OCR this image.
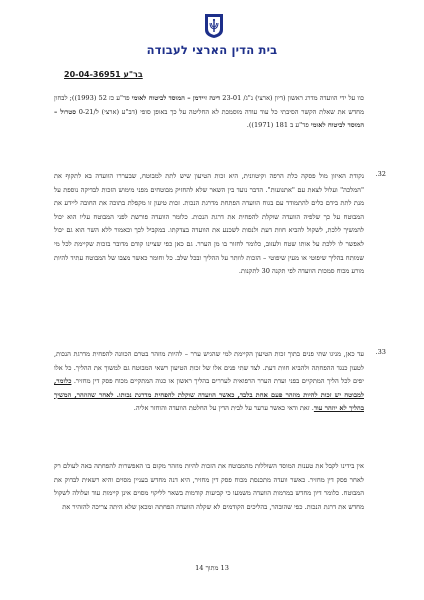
בית הדין הארצי לעבודה
בר"ע 20-04-36951
כוו על ידי הוועדה מדרג ראשון (דיון (ארצי) נ"ג/ 23-01 דינה זיידמן – המוסד לביטוח לאומי פד"ע כז 52 (1993)); לבחון מחדש את שאלת הקשר הסיבתי כל עוד עודה מוסמכת לא החליטה על כך באופן סופי (דב"ע (ארצי) ל/0-21 סטרול – המוסד לביטוח לאומי פד"ע ב 181 (1971)).
.32
נקודת האיזון מול פסקה כלת הרפה וקיטוונית, היא זכות הטיעון שיש לתת למבוטח, שבעררו הוועדה בא לתקוף את "המלכה" ועלול לצאת עם "אתנועות". הדבר נועד בין השאר שלא להחזיק מבוטחים מפני מימוש הזכות לבדיקה נוספת על מנת לתת בידם כלים להתמודד עם בגוח הוועדה הפתחת מדרגת הנכות. זכות טיעון זו מקפלת בתוכה את החובה ליידע את המבוטח על כך שלפיה הוועדה שוקלת להפחית את דרגת הנכות. כלומר הוועדה פורשת לפני המבוטח עליו הוא יכול להמשיך ללכת, לשקול להביא חוות דעת ולנסות לשכנע את הוועדה בצדקתו. במקביל לכך וכאמור ללא השר הוא גם יכול לאפשר לו ללכת על אותו שטח ולעזוב, כלומר לחזור בו מן הערר. גם כאן כפי שציינו קודם מדובר בזכות שקיימת לכל מי שמותח בהליך שיפוטי או מעין שיפוטי – הזכות לוותר על ההליך ובכל שלב. כל וחומר כאשר מצבו של המבוטח עתיד להיות מורע מכוח סמכות הוועדה לפי תקנה 30 לתקנות.
.33
עד כאן, מניגו שתי פנים בתוך זכות הטיעון הקיימת למי שהגיש ערר – להיות מוזהר בטרם הכוונה להפחית מדרגת הנכות, לטעון כנגד ההפחתה ולהביא חוות דעת. לצד שתי פנים אלו של זכות הטיעון רשאי המבוטח גם למשוך את ההליך. כל אלו יפים לכל הליך המתקיים בפני ועדת הערר הרפואית לעררים בהליך ראשון או כגוה המתקיים מכוח פסק דין מחזיר. כלומר, למבוטח יש זכות להיות מוזהר פעם אחת בלבד, כאשר הוועדה שוקלת להפחית מדרגת נכותו. לאחר שהוזהר, המשיך בהליך לא יוזהר עוד. זאת ודאי כאשר ערער על לבית הדין על החלטת הוועדה והוחזר אליה.
אין בידינו לקבל את טענות המוסד השוללות מהמבוטח את הזכות להיות מוזהר מקום בו האפשרות להפחתה באה לעולם רק לאחר פסק דין מחזיר. כאשר וועדה מתכנסת מכוח פסק דין מחזיר, היא דנה מחדש בעניין מסוים והיא רשאית לבדוק את המבוטח. כלומר דיון מחדש במרמות הוועדה משמעו כי קביעות קודמות בשאר לליקוי מסוים אינן קיימות עוד ועלולה לשקול מחדש את דרגת הנכות. כפי שהובהר, בהליכים הקודמים לא שקלה הוועדה הפחתה ומכאן שלא היתה צריכה להזהיר את
13 מתוך 14
